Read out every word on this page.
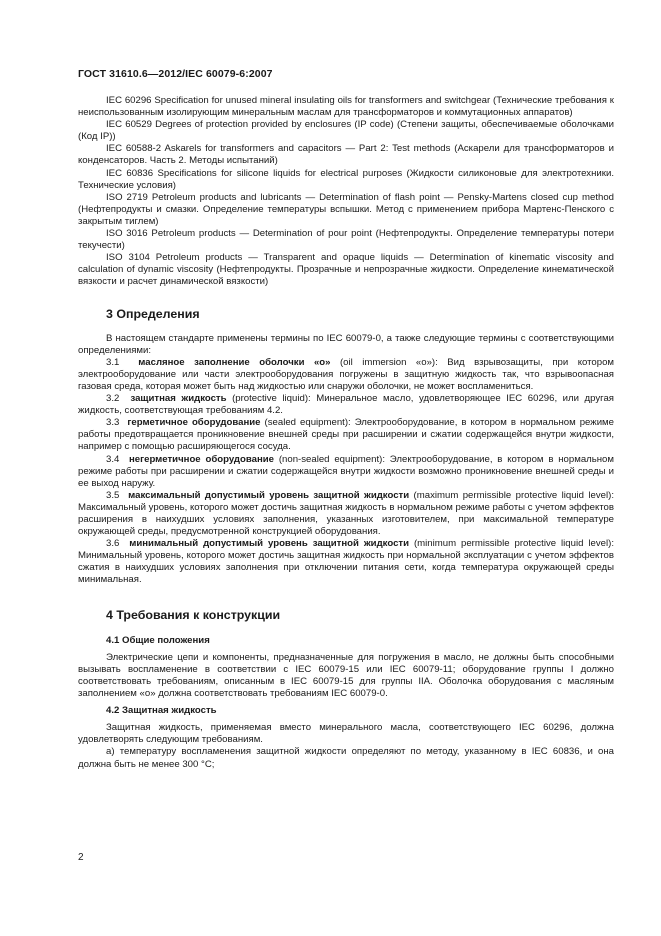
ГОСТ 31610.6—2012/IEC 60079-6:2007

IEC 60296 Specification for unused mineral insulating oils for transformers and switchgear (Технические требования к неиспользованным изолирующим минеральным маслам для трансформаторов и коммутационных аппаратов)

IEC 60529 Degrees of protection provided by enclosures (IP code) (Степени защиты, обеспечиваемые оболочками (Код IP))

IEC 60588-2 Askarels for transformers and capacitors — Part 2: Test methods (Аскарели для трансформаторов и конденсаторов. Часть 2. Методы испытаний)

IEC 60836 Specifications for silicone liquids for electrical purposes (Жидкости силиконовые для электротехники. Технические условия)

ISO 2719 Petroleum products and lubricants — Determination of flash point — Pensky-Martens closed cup method (Нефтепродукты и смазки. Определение температуры вспышки. Метод с применением прибора Мартенс-Пенского с закрытым тиглем)

ISO 3016 Petroleum products — Determination of pour point (Нефтепродукты. Определение температуры потери текучести)

ISO 3104 Petroleum products — Transparent and opaque liquids — Determination of kinematic viscosity and calculation of dynamic viscosity (Нефтепродукты. Прозрачные и непрозрачные жидкости. Определение кинематической вязкости и расчет динамической вязкости)

3 Определения

В настоящем стандарте применены термины по IEC 60079-0, а также следующие термины с соответствующими определениями:

3.1 масляное заполнение оболочки «о» (oil immersion «o»): Вид взрывозащиты, при котором электрооборудование или части электрооборудования погружены в защитную жидкость так, что взрывоопасная газовая среда, которая может быть над жидкостью или снаружи оболочки, не может воспламениться.

3.2 защитная жидкость (protective liquid): Минеральное масло, удовлетворяющее IEC 60296, или другая жидкость, соответствующая требованиям 4.2.

3.3 герметичное оборудование (sealed equipment): Электрооборудование, в котором в нормальном режиме работы предотвращается проникновение внешней среды при расширении и сжатии содержащейся внутри жидкости, например с помощью расширяющегося сосуда.

3.4 негерметичное оборудование (non-sealed equipment): Электрооборудование, в котором в нормальном режиме работы при расширении и сжатии содержащейся внутри жидкости возможно проникновение внешней среды и ее выход наружу.

3.5 максимальный допустимый уровень защитной жидкости (maximum permissible protective liquid level): Максимальный уровень, которого может достичь защитная жидкость в нормальном режиме работы с учетом эффектов расширения в наихудших условиях заполнения, указанных изготовителем, при максимальной температуре окружающей среды, предусмотренной конструкцией оборудования.

3.6 минимальный допустимый уровень защитной жидкости (minimum permissible protective liquid level): Минимальный уровень, которого может достичь защитная жидкость при нормальной эксплуатации с учетом эффектов сжатия в наихудших условиях заполнения при отключении питания сети, когда температура окружающей среды минимальная.

4 Требования к конструкции

4.1 Общие положения

Электрические цепи и компоненты, предназначенные для погружения в масло, не должны быть способными вызывать воспламенение в соответствии с IEC 60079-15 или IEC 60079-11; оборудование группы I должно соответствовать требованиям, описанным в IEC 60079-15 для группы IIA. Оболочка оборудования с масляным заполнением «о» должна соответствовать требованиям IEC 60079-0.

4.2 Защитная жидкость

Защитная жидкость, применяемая вместо минерального масла, соответствующего IEC 60296, должна удовлетворять следующим требованиям.

а) температуру воспламенения защитной жидкости определяют по методу, указанному в IEC 60836, и она должна быть не менее 300 °С;

2
